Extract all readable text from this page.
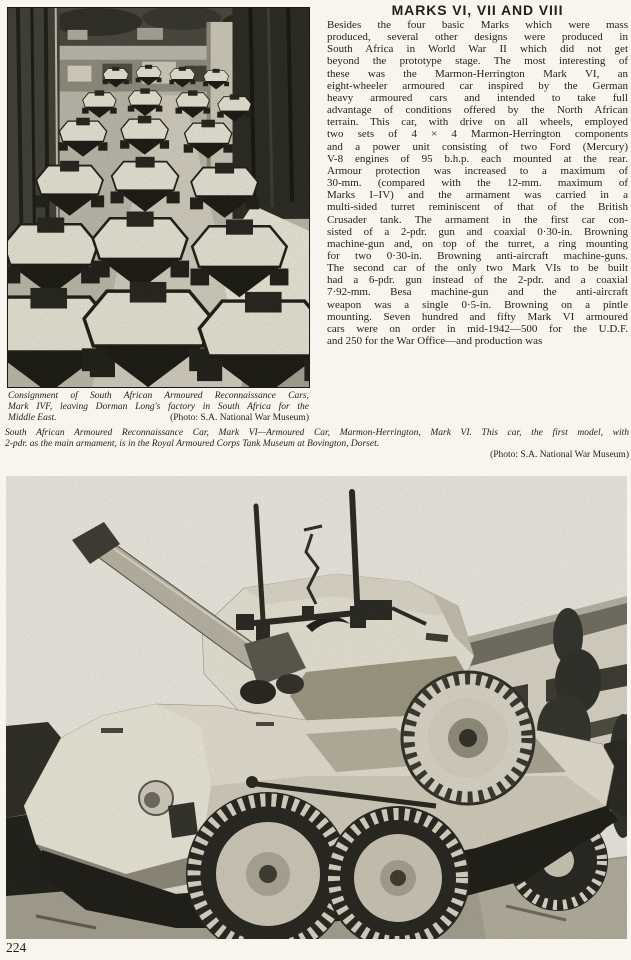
Consignment of South African Armoured Reconnaissance Cars,
Mark IVF, leaving Dorman Long's factory in South Africa for the
Middle East.	(Photo: S.A. National War Museum)
MARKS VI, VII AND VIII
Besides the four basic Marks which were mass
produced, several other designs were produced in
South Africa in World War II which did not get
beyond the prototype stage. The most interesting of
these was the Marmon-Herrington Mark VI, an
eight-wheeler armoured car inspired by the German
heavy armoured cars and intended to take full
advantage of conditions offered by the North African
terrain. This car, with drive on all wheels, employed
two sets of 4 × 4 Marmon-Herrington components
and a power unit consisting of two Ford (Mercury)
V-8 engines of 95 b.h.p. each mounted at the rear.
Armour protection was increased to a maximum of
30-mm. (compared with the 12-mm. maximum of
Marks I–IV) and the armament was carried in a
multi-sided turret reminiscent of that of the British
Crusader tank. The armament in the first car con-
sisted of a 2-pdr. gun and coaxial 0·30-in. Browning
machine-gun and, on top of the turret, a ring mounting
for two 0·30-in. Browning anti-aircraft machine-guns.
The second car of the only two Mark VIs to be built
had a 6-pdr. gun instead of the 2-pdr. and a coaxial
7·92-mm. Besa machine-gun and the anti-aircraft
weapon was a single 0·5-in. Browning on a pintle
mounting. Seven hundred and fifty Mark VI armoured
cars were on order in mid-1942—500 for the U.D.F.
and 250 for the War Office—and production was
South African Armoured Reconnaissance Car, Mark VI—Armoured Car, Marmon-Herrington, Mark VI. This car, the first model, with
2-pdr. as the main armament, is in the Royal Armoured Corps Tank Museum at Bovington, Dorset.
(Photo: S.A. National War Museum)
224
